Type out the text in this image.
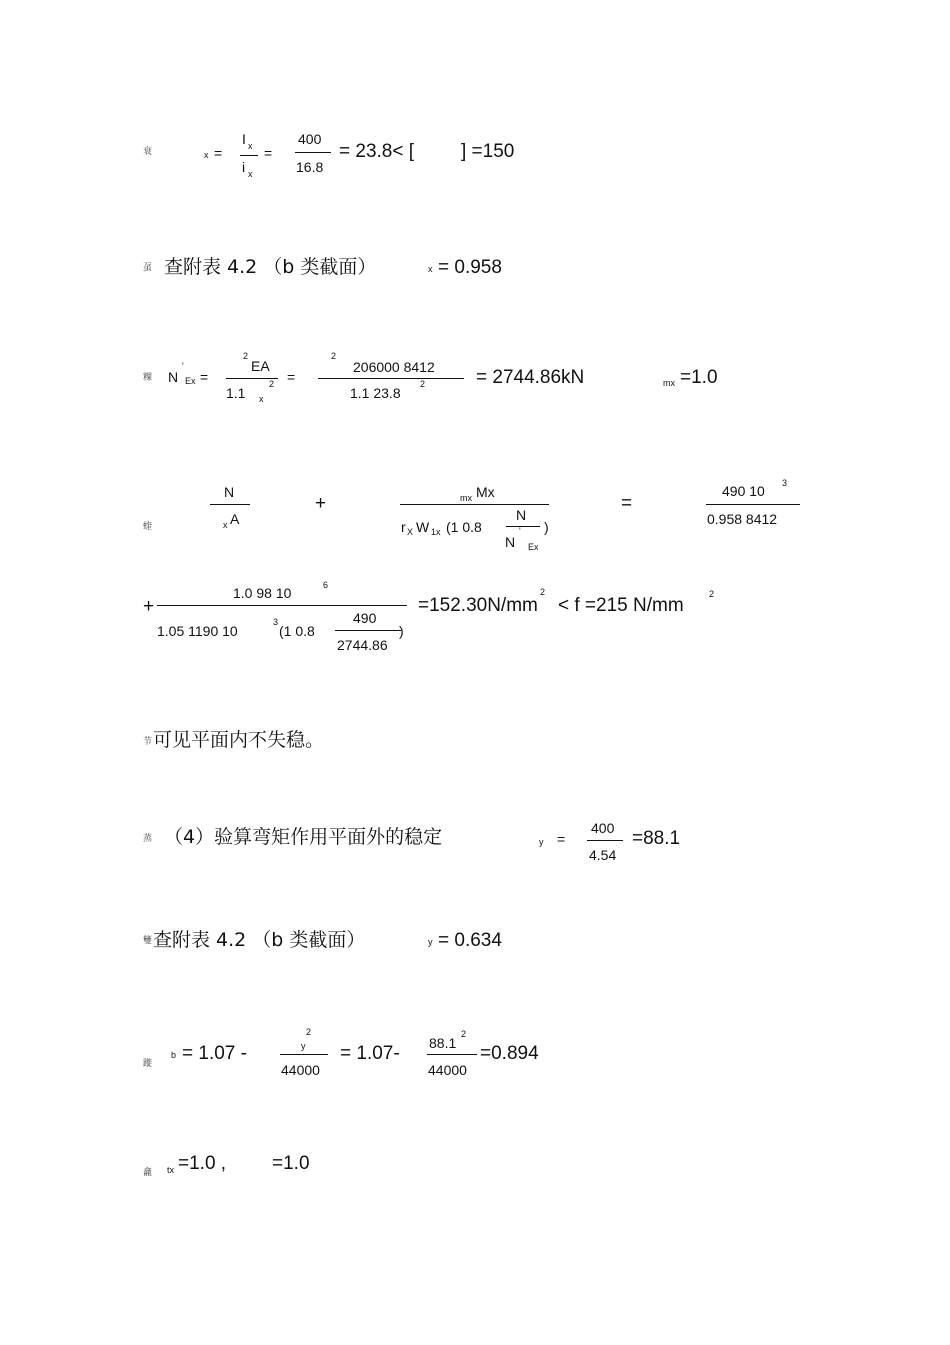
衰	x =
I x
i x
=
400
16.8
= 23.8< [ ] =150
虿 查附表 4.2 （b 类截面）	x = 0.958
粿 N
'
Ex =
2
EA
1.1 x
2 =
2
206000 8412
1.1 23.8
2	= 2744.86kN	mx =1.0
蝰
N
x A
+	mx Mx
r X W 1x (1 0.8
N
N
'
Ex
)
=
490 10 3
0.958 8412
+
1.0 98 10	6
1.05 1190 10
3
(1 0.8
490
2744.86
)
=152.30N/mm
2
< f =215 N/mm
2
节 可见平面内不失稳。
蒸 （4）验算弯矩作用平面外的稳定	y =
400
4.54
=88.1
䉶 查附表 4.2 （b 类截面）	y = 0.634
蹝
b = 1.07 -
2
y
44000
= 1.07- 88.1
2
44000
=0.894
龕 tx =1.0 , =1.0
